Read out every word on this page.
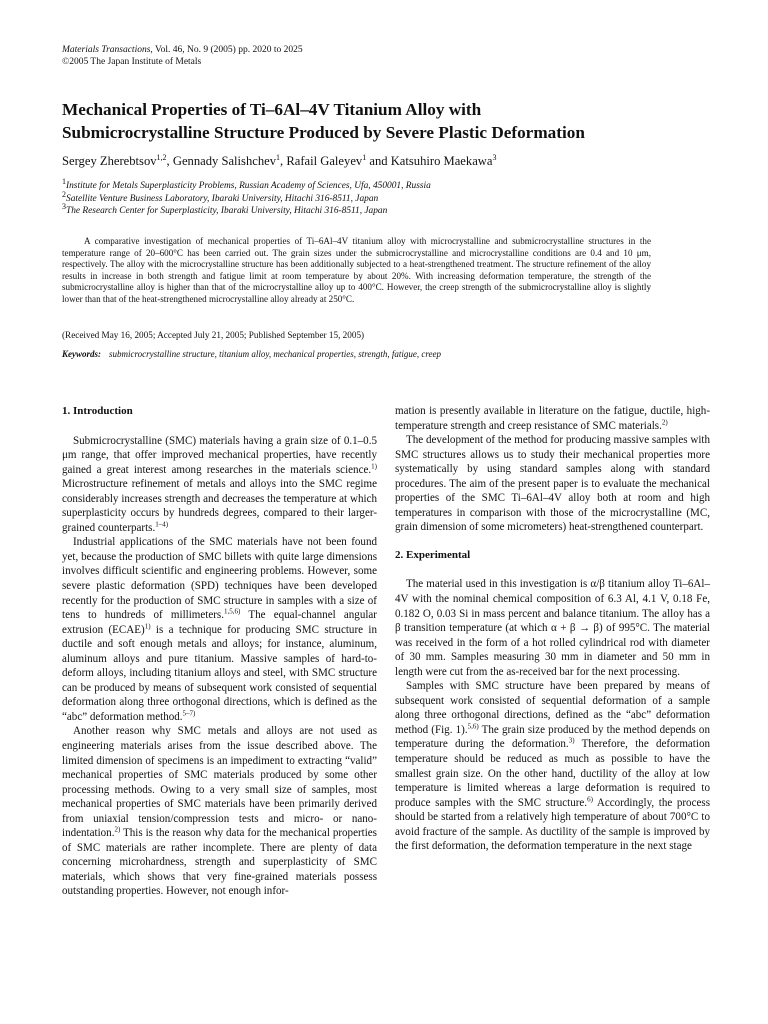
Materials Transactions, Vol. 46, No. 9 (2005) pp. 2020 to 2025
©2005 The Japan Institute of Metals
Mechanical Properties of Ti–6Al–4V Titanium Alloy with
Submicrocrystalline Structure Produced by Severe Plastic Deformation
Sergey Zherebtsov$^{1,2}$, Gennady Salishchev$^1$, Rafail Galeyev$^1$ and Katsuhiro Maekawa$^3$
$^1$Institute for Metals Superplasticity Problems, Russian Academy of Sciences, Ufa, 450001, Russia
$^2$Satellite Venture Business Laboratory, Ibaraki University, Hitachi 316-8511, Japan
$^3$The Research Center for Superplasticity, Ibaraki University, Hitachi 316-8511, Japan
A comparative investigation of mechanical properties of Ti–6Al–4V titanium alloy with microcrystalline and submicrocrystalline structures in the temperature range of 20–600°C has been carried out. The grain sizes under the submicrocrystalline and microcrystalline conditions are 0.4 and 10 μm, respectively. The alloy with the microcrystalline structure has been additionally subjected to a heat-strengthened treatment. The structure refinement of the alloy results in increase in both strength and fatigue limit at room temperature by about 20%. With increasing deformation temperature, the strength of the submicrocrystalline alloy is higher than that of the microcrystalline alloy up to 400°C. However, the creep strength of the submicrocrystalline alloy is slightly lower than that of the heat-strengthened microcrystalline alloy already at 250°C.
(Received May 16, 2005; Accepted July 21, 2005; Published September 15, 2005)
Keywords: submicrocrystalline structure, titanium alloy, mechanical properties, strength, fatigue, creep
1. Introduction

Submicrocrystalline (SMC) materials having a grain size of 0.1–0.5 μm range, that offer improved mechanical properties, have recently gained a great interest among researches in the materials science.$^{1)}$ Microstructure refinement of metals and alloys into the SMC regime considerably increases strength and decreases the temperature at which superplasticity occurs by hundreds degrees, compared to their larger-grained counterparts.$^{1-4)}$

Industrial applications of the SMC materials have not been found yet, because the production of SMC billets with quite large dimensions involves difficult scientific and engineering problems. However, some severe plastic deformation (SPD) techniques have been developed recently for the production of SMC structure in samples with a size of tens to hundreds of millimeters.$^{1,5,6)}$ The equal-channel angular extrusion (ECAE)$^{1)}$ is a technique for producing SMC structure in ductile and soft enough metals and alloys; for instance, aluminum, aluminum alloys and pure titanium. Massive samples of hard-to-deform alloys, including titanium alloys and steel, with SMC structure can be produced by means of subsequent work consisted of sequential deformation along three orthogonal directions, which is defined as the “abc” deformation method.$^{5-7)}$

Another reason why SMC metals and alloys are not used as engineering materials arises from the issue described above. The limited dimension of specimens is an impediment to extracting “valid” mechanical properties of SMC materials produced by some other processing methods. Owing to a very small size of samples, most mechanical properties of SMC materials have been primarily derived from uniaxial tension/compression tests and micro- or nano-indentation.$^{2)}$ This is the reason why data for the mechanical properties of SMC materials are rather incomplete. There are plenty of data concerning microhardness, strength and superplasticity of SMC materials, which shows that very fine-grained materials possess outstanding properties. However, not enough infor-

mation is presently available in literature on the fatigue, ductile, high-temperature strength and creep resistance of SMC materials.$^{2)}$

The development of the method for producing massive samples with SMC structures allows us to study their mechanical properties more systematically by using standard samples along with standard procedures. The aim of the present paper is to evaluate the mechanical properties of the SMC Ti–6Al–4V alloy both at room and high temperatures in comparison with those of the microcrystalline (MC, grain dimension of some micrometers) heat-strengthened counterpart.

2. Experimental

The material used in this investigation is α/β titanium alloy Ti–6Al–4V with the nominal chemical composition of 6.3 Al, 4.1 V, 0.18 Fe, 0.182 O, 0.03 Si in mass percent and balance titanium. The alloy has a β transition temperature (at which α + β → β) of 995°C. The material was received in the form of a hot rolled cylindrical rod with diameter of 30 mm. Samples measuring 30 mm in diameter and 50 mm in length were cut from the as-received bar for the next processing.

Samples with SMC structure have been prepared by means of subsequent work consisted of sequential deformation of a sample along three orthogonal directions, defined as the “abc” deformation method (Fig. 1).$^{5,6)}$ The grain size produced by the method depends on temperature during the deformation.$^{3)}$ Therefore, the deformation temperature should be reduced as much as possible to have the smallest grain size. On the other hand, ductility of the alloy at low temperature is limited whereas a large deformation is required to produce samples with the SMC structure.$^{6)}$ Accordingly, the process should be started from a relatively high temperature of about 700°C to avoid fracture of the sample. As ductility of the sample is improved by the first deformation, the deformation temperature in the next stage
